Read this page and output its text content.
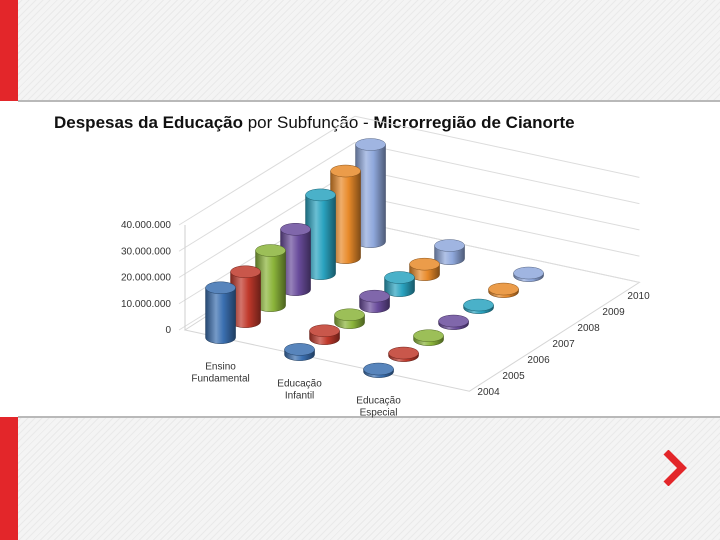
Despesas da Educação por Subfunção - Microrregião de Cianorte
0
10.000.000
20.000.000
30.000.000
40.000.000
Ensino Fundamental	Educação Infantil	Educação Especial
2004
2005
2006
2007
2008
2009
2010
